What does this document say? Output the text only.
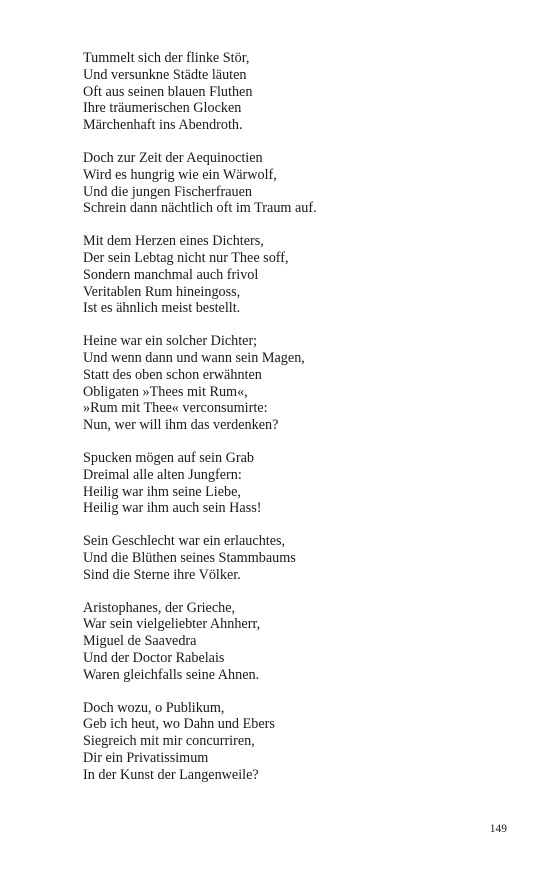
Tummelt sich der flinke Stör,
Und versunkne Städte läuten
Oft aus seinen blauen Fluthen
Ihre träumerischen Glocken
Märchenhaft ins Abendroth.
Doch zur Zeit der Aequinoctien
Wird es hungrig wie ein Wärwolf,
Und die jungen Fischerfrauen
Schrein dann nächtlich oft im Traum auf.
Mit dem Herzen eines Dichters,
Der sein Lebtag nicht nur Thee soff,
Sondern manchmal auch frivol
Veritablen Rum hineingoss,
Ist es ähnlich meist bestellt.
Heine war ein solcher Dichter;
Und wenn dann und wann sein Magen,
Statt des oben schon erwähnten
Obligaten »Thees mit Rum«,
»Rum mit Thee« verconsumirte:
Nun, wer will ihm das verdenken?
Spucken mögen auf sein Grab
Dreimal alle alten Jungfern:
Heilig war ihm seine Liebe,
Heilig war ihm auch sein Hass!
Sein Geschlecht war ein erlauchtes,
Und die Blüthen seines Stammbaums
Sind die Sterne ihre Völker.
Aristophanes, der Grieche,
War sein vielgeliebter Ahnherr,
Miguel de Saavedra
Und der Doctor Rabelais
Waren gleichfalls seine Ahnen.
Doch wozu, o Publikum,
Geb ich heut, wo Dahn und Ebers
Siegreich mit mir concurriren,
Dir ein Privatissimum
In der Kunst der Langenweile?
149
